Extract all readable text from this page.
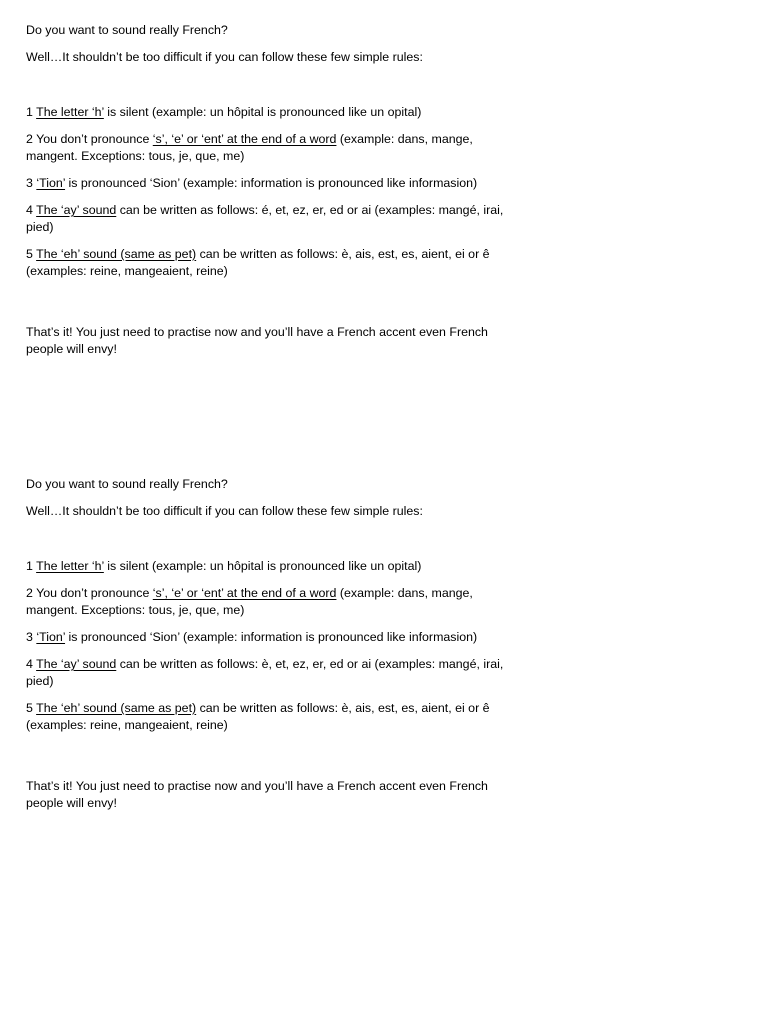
Do you want to sound really French?

Well…It shouldn’t be too difficult if you can follow these few simple rules:

1 The letter ‘h’ is silent (example: un hôpital is pronounced like un opital)

2 You don’t pronounce ‘s’, ‘e’ or ‘ent’ at the end of a word (example: dans, mange, mangent. Exceptions: tous, je, que, me)

3 ‘Tion’ is pronounced ‘Sion’ (example: information is pronounced like informasion)

4 The ‘ay’ sound can be written as follows: é, et, ez, er, ed or ai (examples: mangé, irai, pied)

5 The ‘eh’ sound (same as pet) can be written as follows: è, ais, est, es, aient, ei or ê (examples: reine, mangeaient, reine)

That’s it! You just need to practise now and you’ll have a French accent even French people will envy!

Do you want to sound really French?

Well…It shouldn’t be too difficult if you can follow these few simple rules:

1 The letter ‘h’ is silent (example: un hôpital is pronounced like un opital)

2 You don’t pronounce ‘s’, ‘e’ or ‘ent’ at the end of a word (example: dans, mange, mangent. Exceptions: tous, je, que, me)

3 ‘Tion’ is pronounced ‘Sion’ (example: information is pronounced like informasion)

4 The ‘ay’ sound can be written as follows: è, et, ez, er, ed or ai (examples: mangé, irai, pied)

5 The ‘eh’ sound (same as pet) can be written as follows: è, ais, est, es, aient, ei or ê (examples: reine, mangeaient, reine)

That’s it! You just need to practise now and you’ll have a French accent even French people will envy!
